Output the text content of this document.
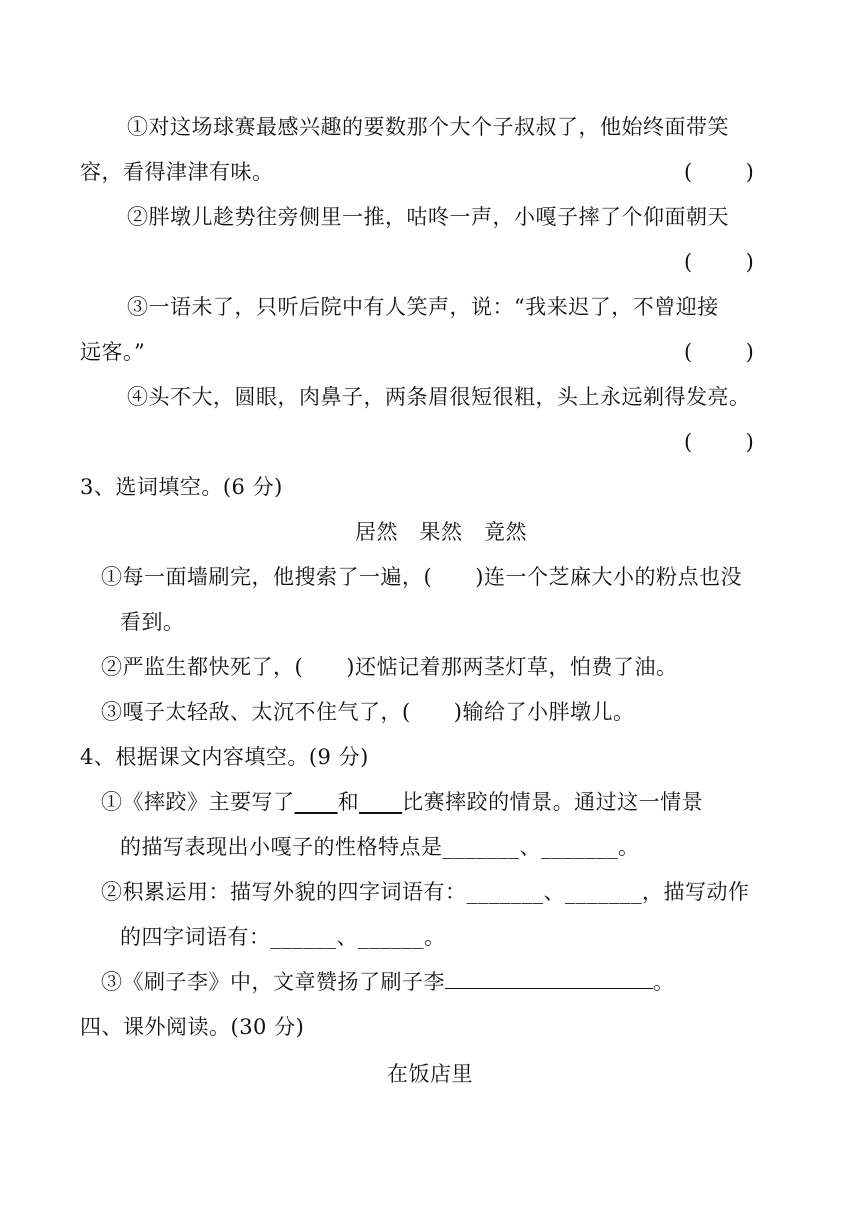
①对这场球赛最感兴趣的要数那个大个子叔叔了，他始终面带笑
容，看得津津有味。	(        )
②胖墩儿趁势往旁侧里一推，咕咚一声，小嘎子摔了个仰面朝天
(        )
③一语未了，只听后院中有人笑声，说：“我来迟了，不曾迎接
远客。”	(        )
④头不大，圆眼，肉鼻子，两条眉很短很粗，头上永远剃得发亮。
(        )
3、选词填空。(6 分)
居然　果然　竟然
①每一面墙刷完，他搜索了一遍，( )连一个芝麻大小的粉点也没
看到。
②严监生都快死了，( )还惦记着那两茎灯草，怕费了油。
③嘎子太轻敌、太沉不住气了，( )输给了小胖墩儿。
4、根据课文内容填空。(9 分)
①《摔跤》主要写了 和 比赛摔跤的情景。通过这一情景
的描写表现出小嘎子的性格特点是_______、_______。
②积累运用：描写外貌的四字词语有：_______、_______，描写动作
的四字词语有：______、______。
③《刷子李》中，文章赞扬了刷子李	。
四、课外阅读。(30 分)
在饭店里
